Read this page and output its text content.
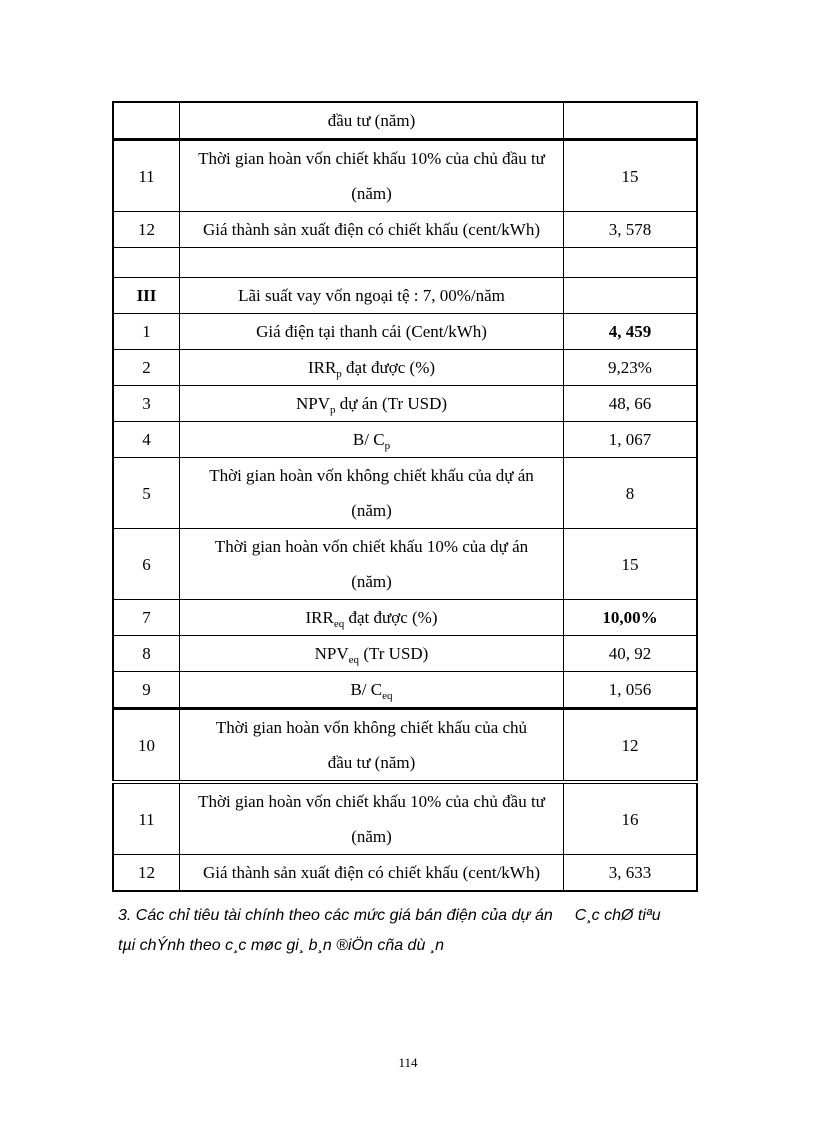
	đầu tư (năm)	
11	Thời gian hoàn vốn chiết khấu 10% của chủ đầu tư (năm)	15
12	Giá thành sản xuất điện có chiết khấu (cent/kWh)	3, 578

III	Lãi suất vay vốn ngoại tệ : 7, 00%/năm	
1	Giá điện tại thanh cái (Cent/kWh)	4, 459
2	$IRR_p$ đạt được (%)	9,23%
3	$NPV_p$ dự án (Tr USD)	48, 66
4	B/ $C_p$	1, 067
5	Thời gian hoàn vốn không chiết khấu của dự án (năm)	8
6	Thời gian hoàn vốn chiết khấu 10% của dự án (năm)	15
7	$IRR_{eq}$ đạt được (%)	10,00%
8	$NPV_{eq}$ (Tr USD)	40, 92
9	B/ $C_{eq}$	1, 056
10	Thời gian hoàn vốn không chiết khấu của chủ đầu tư (năm)	12
11	Thời gian hoàn vốn chiết khấu 10% của chủ đầu tư (năm)	16
12	Giá thành sản xuất điện có chiết khấu (cent/kWh)	3, 633
3. Các chỉ tiêu tài chính theo các mức giá bán điện của dự án C¸c chØ tiªu
tµi chÝnh theo c¸c møc gi¸ b¸n ®iÖn cña dù ¸n
114
